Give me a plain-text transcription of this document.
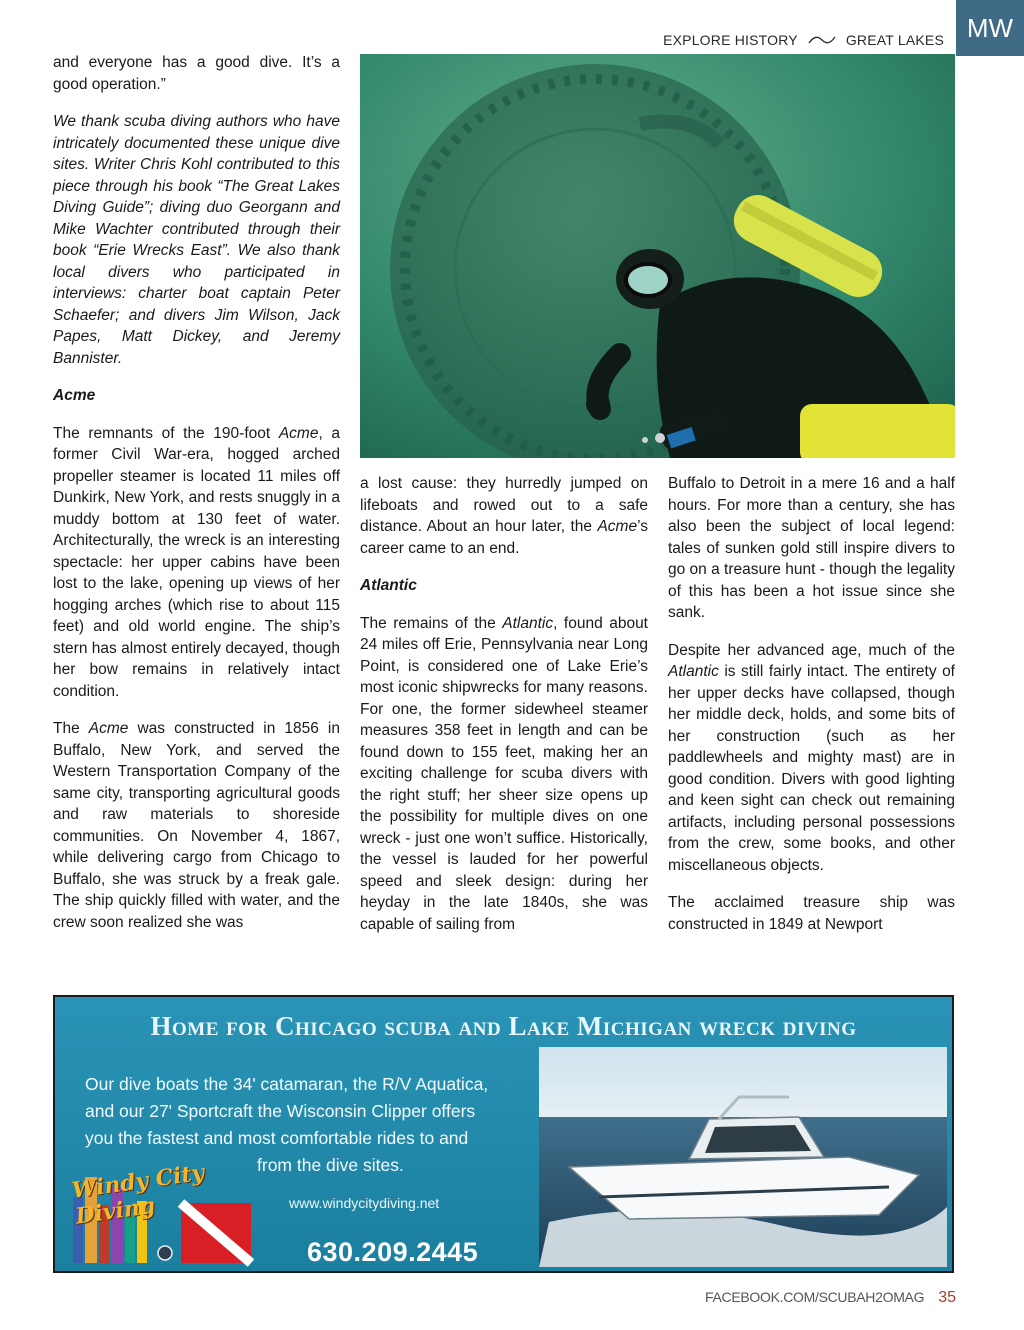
EXPLORE HISTORY	GREAT LAKES MW

and everyone has a good dive. It’s a good operation.”

We thank scuba diving authors who have intricately documented these unique dive sites. Writer Chris Kohl contributed to this piece through his book “The Great Lakes Diving Guide”; diving duo Georgann and Mike Wachter contributed through their book “Erie Wrecks East”. We also thank local divers who participated in interviews: charter boat captain Peter Schaefer; and divers Jim Wilson, Jack Papes, Matt Dickey, and Jeremy Bannister.

Acme

The remnants of the 190-foot Acme, a former Civil War-era, hogged arched propeller steamer is located 11 miles off Dunkirk, New York, and rests snuggly in a muddy bottom at 130 feet of water. Architecturally, the wreck is an interesting spectacle: her upper cabins have been lost to the lake, opening up views of her hogging arches (which rise to about 115 feet) and old world engine. The ship’s stern has almost entirely decayed, though her bow remains in relatively intact condition.

The Acme was constructed in 1856 in Buffalo, New York, and served the Western Transportation Company of the same city, transporting agricultural goods and raw materials to shoreside communities. On November 4, 1867, while delivering cargo from Chicago to Buffalo, she was struck by a freak gale. The ship quickly filled with water, and the crew soon realized she was

a lost cause: they hurredly jumped on lifeboats and rowed out to a safe distance. About an hour later, the Acme’s career came to an end.

Atlantic

The remains of the Atlantic, found about 24 miles off Erie, Pennsylvania near Long Point, is considered one of Lake Erie’s most iconic shipwrecks for many reasons. For one, the former sidewheel steamer measures 358 feet in length and can be found down to 155 feet, making her an exciting challenge for scuba divers with the right stuff; her sheer size opens up the possibility for multiple dives on one wreck - just one won’t suffice. Historically, the vessel is lauded for her powerful speed and sleek design: during her heyday in the late 1840s, she was capable of sailing from

Buffalo to Detroit in a mere 16 and a half hours. For more than a century, she has also been the subject of local legend: tales of sunken gold still inspire divers to go on a treasure hunt - though the legality of this has been a hot issue since she sank.

Despite her advanced age, much of the Atlantic is still fairly intact. The entirety of her upper decks have collapsed, though her middle deck, holds, and some bits of her construction (such as her paddlewheels and mighty mast) are in good condition. Divers with good lighting and keen sight can check out remaining artifacts, including personal possessions from the crew, some books, and other miscellaneous objects.

The acclaimed treasure ship was constructed in 1849 at Newport

Home for Chicago scuba and Lake Michigan wreck diving
Our dive boats the 34' catamaran, the R/V Aquatica,
and our 27' Sportcraft the Wisconsin Clipper offers
you the fastest and most comfortable rides to and
from the dive sites.
Windy City Diving	www.windycitydiving.net
630.209.2445
FACEBOOK.COM/SCUBAH2OMAG 35
